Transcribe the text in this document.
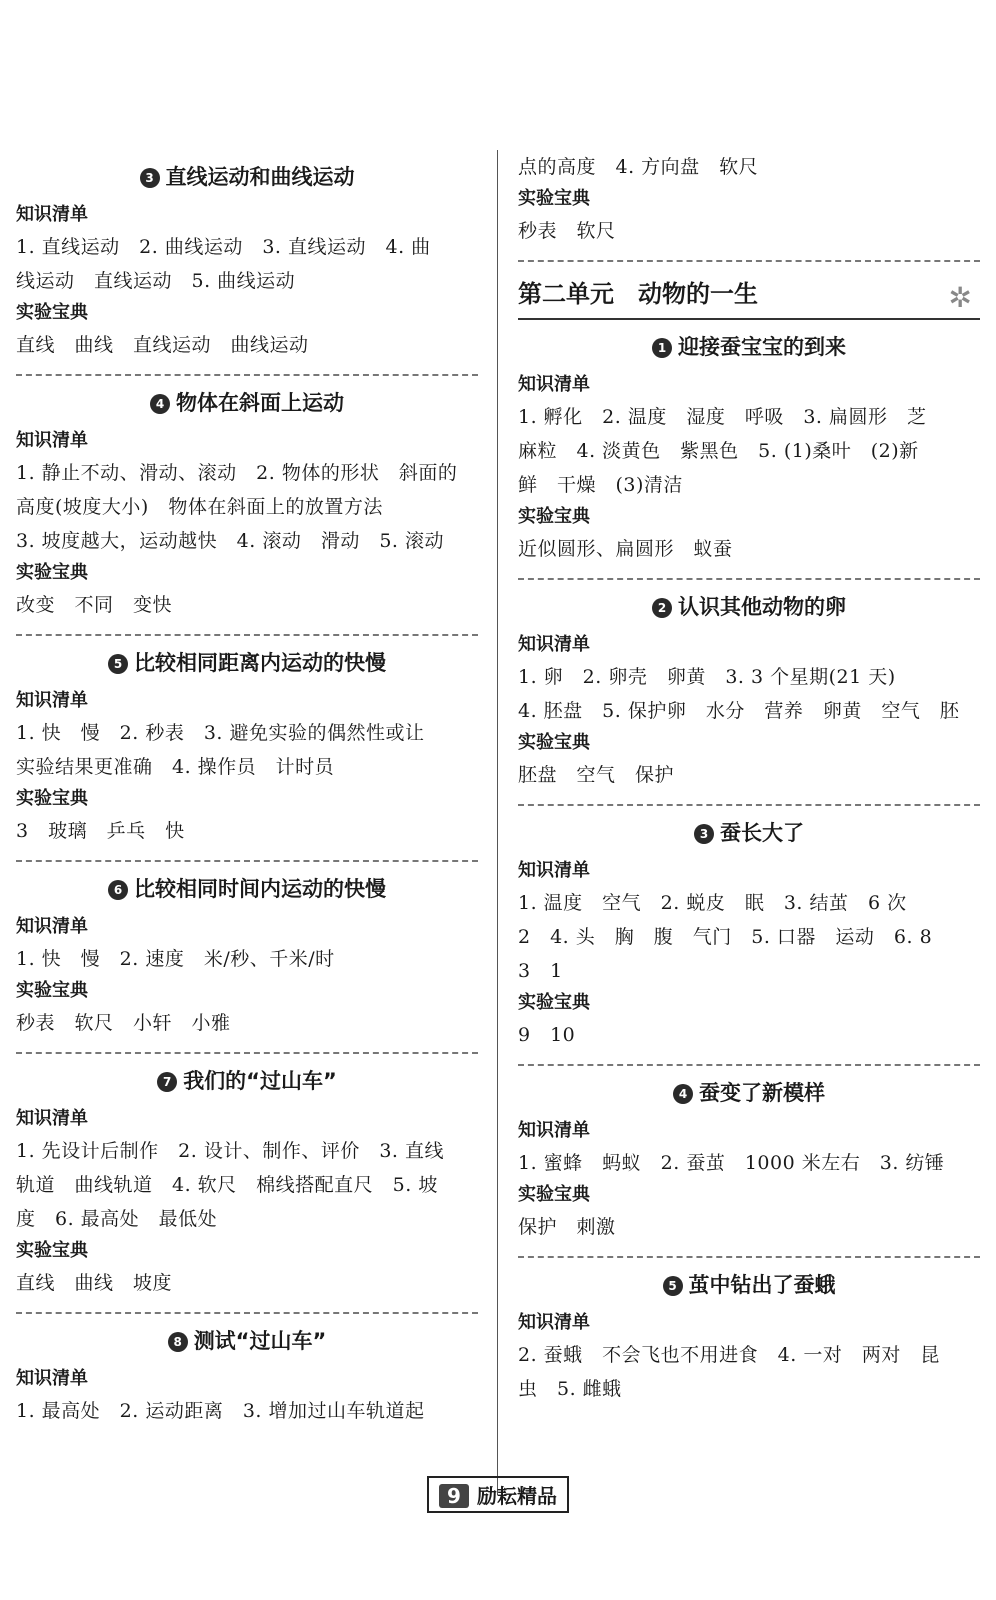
3 直线运动和曲线运动
知识清单
1. 直线运动　2. 曲线运动　3. 直线运动　4. 曲
线运动　直线运动　5. 曲线运动
实验宝典
直线　曲线　直线运动　曲线运动
4 物体在斜面上运动
知识清单
1. 静止不动、滑动、滚动　2. 物体的形状　斜面的
高度(坡度大小)　物体在斜面上的放置方法
3. 坡度越大，运动越快　4. 滚动　滑动　5. 滚动
实验宝典
改变　不同　变快
5 比较相同距离内运动的快慢
知识清单
1. 快　慢　2. 秒表　3. 避免实验的偶然性或让
实验结果更准确　4. 操作员　计时员
实验宝典
3　玻璃　乒乓　快
6 比较相同时间内运动的快慢
知识清单
1. 快　慢　2. 速度　米/秒、千米/时
实验宝典
秒表　软尺　小轩　小雅
7 我们的“过山车”
知识清单
1. 先设计后制作　2. 设计、制作、评价　3. 直线
轨道　曲线轨道　4. 软尺　棉线搭配直尺　5. 坡
度　6. 最高处　最低处
实验宝典
直线　曲线　坡度
8 测试“过山车”
知识清单
1. 最高处　2. 运动距离　3. 增加过山车轨道起
点的高度　4. 方向盘　软尺
实验宝典
秒表　软尺
第二单元　动物的一生	✲
1 迎接蚕宝宝的到来
知识清单
1. 孵化　2. 温度　湿度　呼吸　3. 扁圆形　芝
麻粒　4. 淡黄色　紫黑色　5. (1)桑叶　(2)新
鲜　干燥　(3)清洁
实验宝典
近似圆形、扁圆形　蚁蚕
2 认识其他动物的卵
知识清单
1. 卵　2. 卵壳　卵黄　3. 3 个星期(21 天)
4. 胚盘　5. 保护卵　水分　营养　卵黄　空气　胚
实验宝典
胚盘　空气　保护
3 蚕长大了
知识清单
1. 温度　空气　2. 蜕皮　眠　3. 结茧　6 次
2　4. 头　胸　腹　气门　5. 口器　运动　6. 8
3　1
实验宝典
9　10
4 蚕变了新模样
知识清单
1. 蜜蜂　蚂蚁　2. 蚕茧　1000 米左右　3. 纺锤
实验宝典
保护　刺激
5 茧中钻出了蚕蛾
知识清单
2. 蚕蛾　不会飞也不用进食　4. 一对　两对　昆
虫　5. 雌蛾
9 励耘精品
